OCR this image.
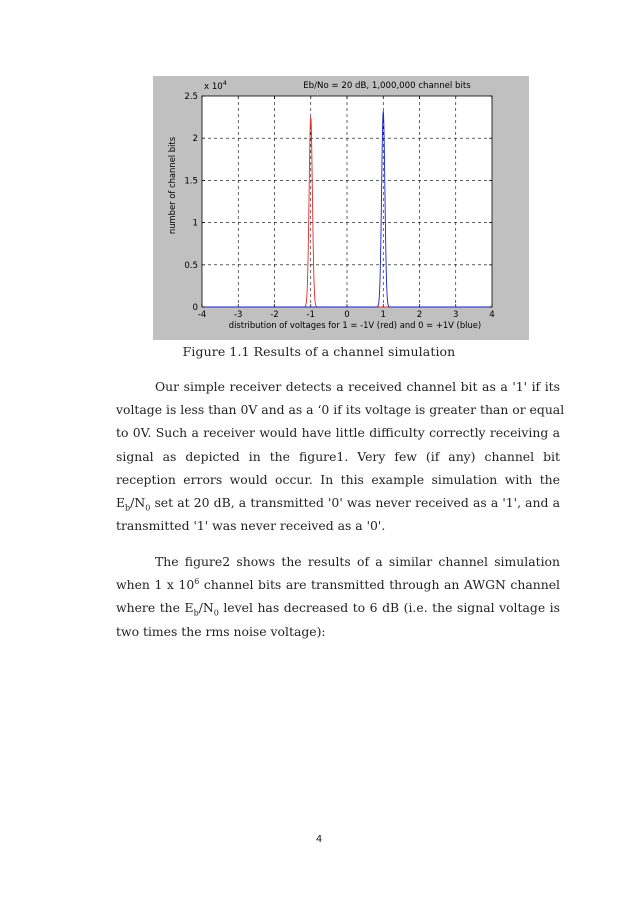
-4	-3	-2	-1	0	1	2	3	4
0
0.5
1
1.5
2
2.5
Eb/No = 20 dB, 1,000,000 channel bits
x $10^4$
distribution of voltages for 1 = -1V (red) and 0 = +1V (blue)
number of channel bits
Figure 1.1 Results of a channel simulation
Our simple receiver detects a received channel bit as a '1' if its
voltage is less than 0V and as a ‘0 if its voltage is greater than or equal
to 0V. Such a receiver would have little difficulty correctly receiving a
signal as depicted in the figure1. Very few (if any) channel bit
reception errors would occur. In this example simulation with the
$E_b/N_0$ set at 20 dB, a transmitted '0' was never received as a '1', and a
transmitted '1' was never received as a '0'.
The figure2 shows the results of a similar channel simulation
when 1 x $10^6$ channel bits are transmitted through an AWGN channel
where the $E_b/N_0$ level has decreased to 6 dB (i.e. the signal voltage is
two times the rms noise voltage):
4
